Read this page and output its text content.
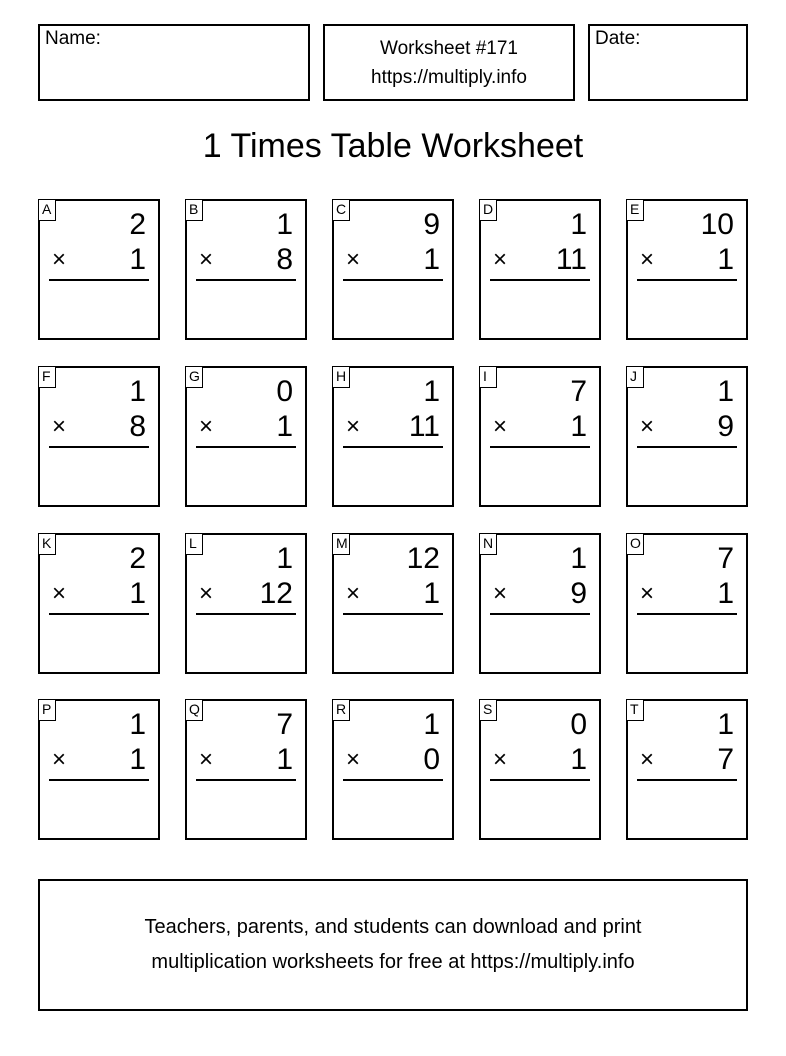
Name:	Worksheet #171
https://multiply.info
Date:
1 Times Table Worksheet
A	2
× 1
B	1
× 8
C	9
× 1
D	1
× 11
E 10
× 1
F	1
× 8
G	0
× 1
H	1
× 11
I	7
× 1
J	1
× 9
K	2
× 1
L	1
× 12
M 12
× 1
N	1
× 9
O	7
× 1
P	1
× 1
Q	7
× 1
R	1
× 0
S	0
× 1
T	1
× 7
Teachers, parents, and students can download and print
multiplication worksheets for free at https://multiply.info
